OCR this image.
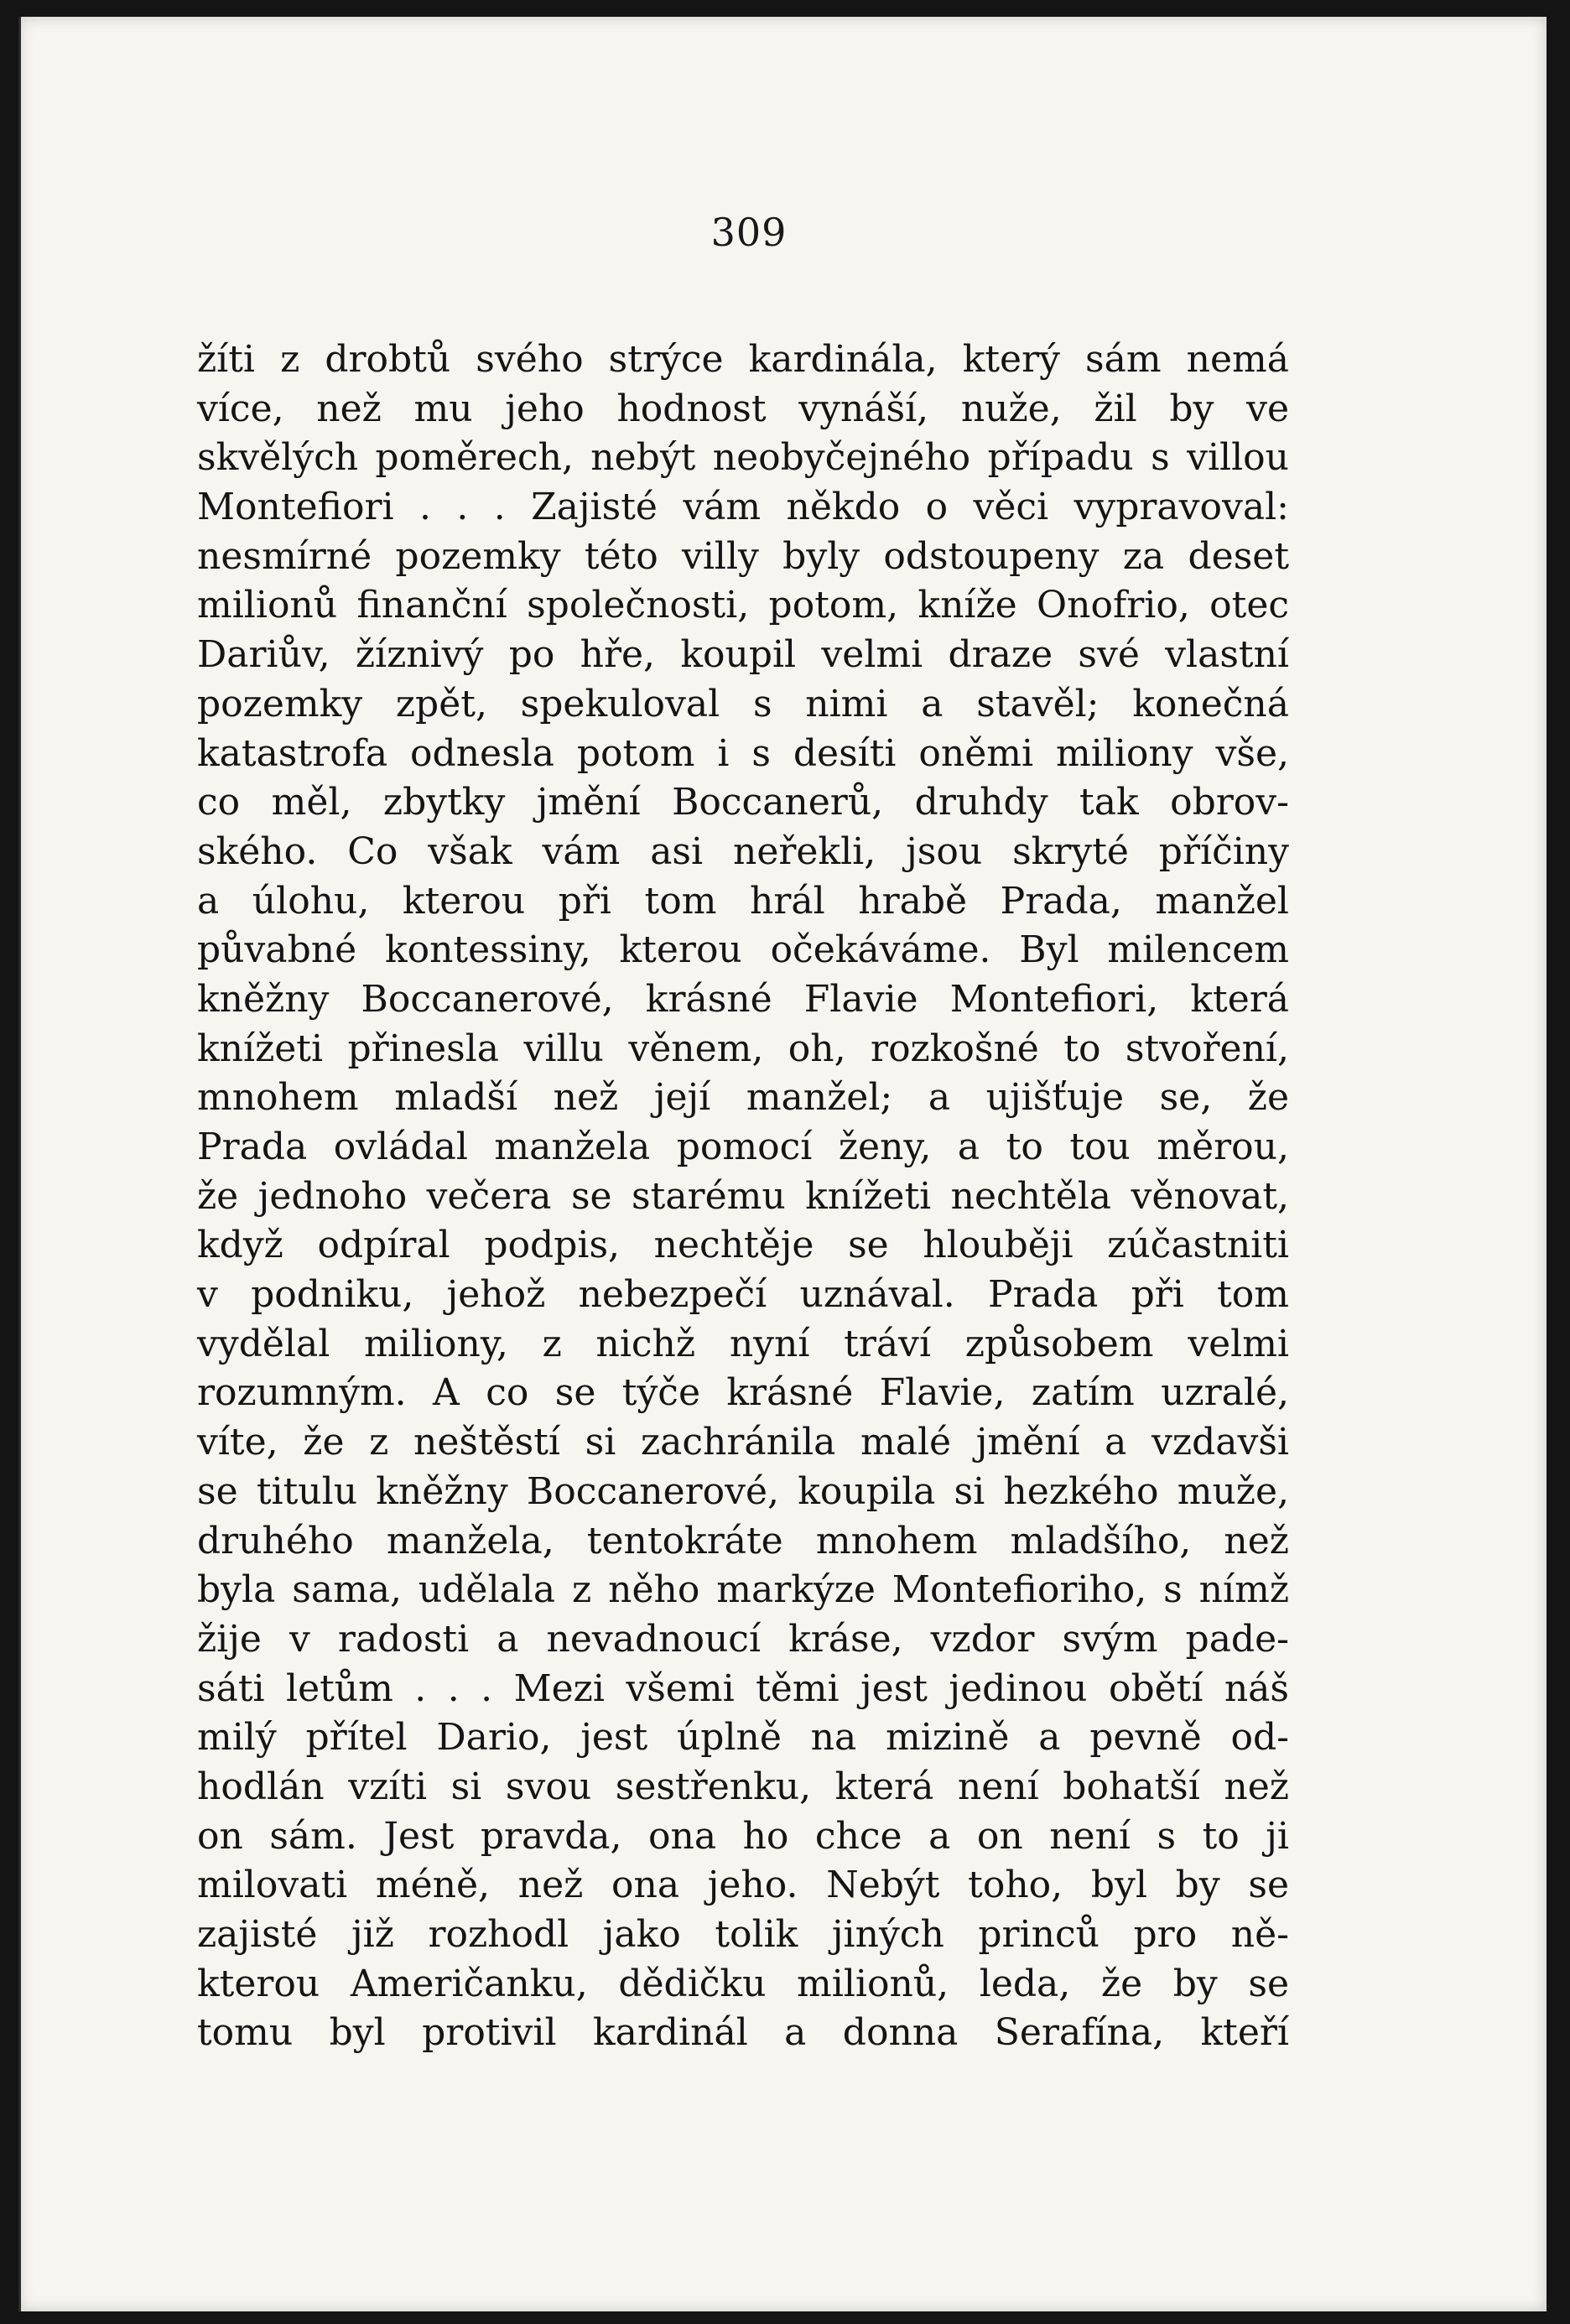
309
žíti z drobtů svého strýce kardinála, který sám nemá
více, než mu jeho hodnost vynáší, nuže, žil by ve
skvělých poměrech, nebýt neobyčejného případu s villou
Montefiori . . . Zajisté vám někdo o věci vypravoval:
nesmírné pozemky této villy byly odstoupeny za deset
milionů finanční společnosti, potom, kníže Onofrio, otec
Dariův, žíznivý po hře, koupil velmi draze své vlastní
pozemky zpět, spekuloval s nimi a stavěl; konečná
katastrofa odnesla potom i s desíti oněmi miliony vše,
co měl, zbytky jmění Boccanerů, druhdy tak obrov-
ského. Co však vám asi neřekli, jsou skryté příčiny
a úlohu, kterou při tom hrál hrabě Prada, manžel
půvabné kontessiny, kterou očekáváme. Byl milencem
kněžny Boccanerové, krásné Flavie Montefiori, která
knížeti přinesla villu věnem, oh, rozkošné to stvoření,
mnohem mladší než její manžel; a ujišťuje se, že
Prada ovládal manžela pomocí ženy, a to tou měrou,
že jednoho večera se starému knížeti nechtěla věnovat,
když odpíral podpis, nechtěje se hlouběji zúčastniti
v podniku, jehož nebezpečí uznával. Prada při tom
vydělal miliony, z nichž nyní tráví způsobem velmi
rozumným. A co se týče krásné Flavie, zatím uzralé,
víte, že z neštěstí si zachránila malé jmění a vzdavši
se titulu kněžny Boccanerové, koupila si hezkého muže,
druhého manžela, tentokráte mnohem mladšího, než
byla sama, udělala z něho markýze Montefioriho, s nímž
žije v radosti a nevadnoucí kráse, vzdor svým pade-
sáti letům . . . Mezi všemi těmi jest jedinou obětí náš
milý přítel Dario, jest úplně na mizině a pevně od-
hodlán vzíti si svou sestřenku, která není bohatší než
on sám. Jest pravda, ona ho chce a on není s to ji
milovati méně, než ona jeho. Nebýt toho, byl by se
zajisté již rozhodl jako tolik jiných princů pro ně-
kterou Američanku, dědičku milionů, leda, že by se
tomu byl protivil kardinál a donna Serafína, kteří
